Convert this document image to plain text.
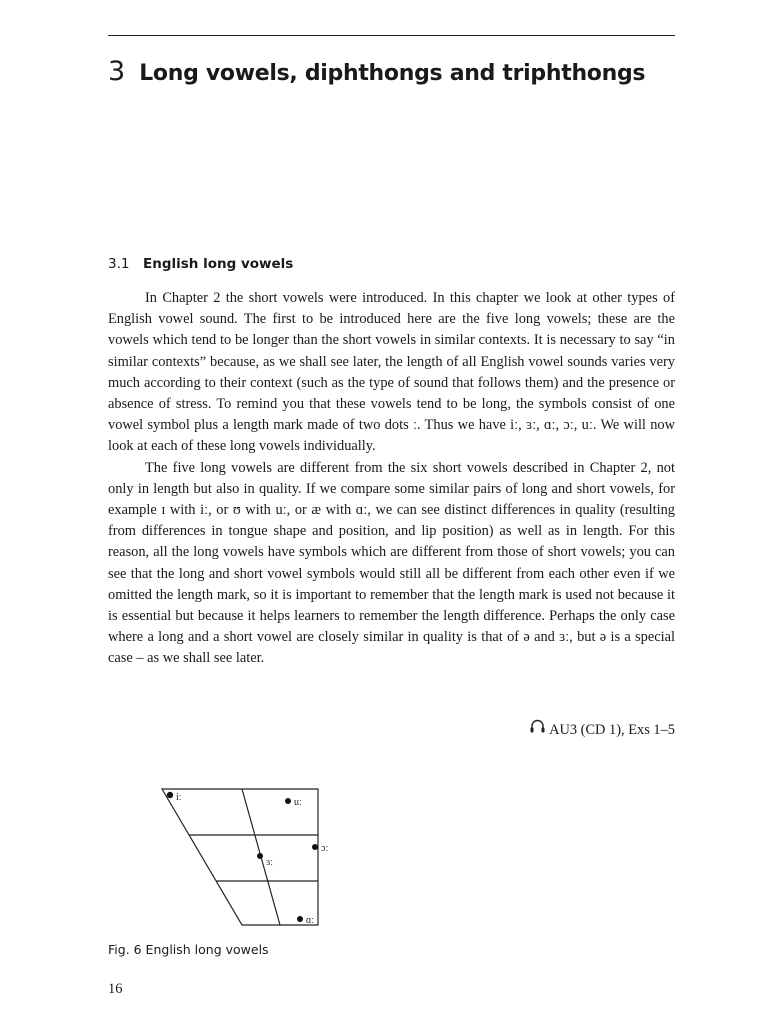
3 Long vowels, diphthongs and triphthongs
3.1 English long vowels

In Chapter 2 the short vowels were introduced. In this chapter we look at other types of English vowel sound. The first to be introduced here are the five long vowels; these are the vowels which tend to be longer than the short vowels in similar contexts. It is necessary to say “in similar contexts” because, as we shall see later, the length of all English vowel sounds varies very much according to their context (such as the type of sound that follows them) and the presence or absence of stress. To remind you that these vowels tend to be long, the symbols consist of one vowel symbol plus a length mark made of two dots ː. Thus we have iː, ɜː, ɑː, ɔː, uː. We will now look at each of these long vowels individually.

The five long vowels are different from the six short vowels described in Chapter 2, not only in length but also in quality. If we compare some similar pairs of long and short vowels, for example ɪ with iː, or ʊ with uː, or æ with ɑː, we can see distinct differences in quality (resulting from differences in tongue shape and position, and lip position) as well as in length. For this reason, all the long vowels have symbols which are different from those of short vowels; you can see that the long and short vowel symbols would still all be different from each other even if we omitted the length mark, so it is important to remember that the length mark is used not because it is essential but because it helps learners to remember the length difference. Perhaps the only case where a long and a short vowel are closely similar in quality is that of ə and ɜː, but ə is a special case – as we shall see later.

AU3 (CD 1), Exs 1–5
iː	uː
ɔː
ɜː
ɑː
Fig. 6 English long vowels
16
